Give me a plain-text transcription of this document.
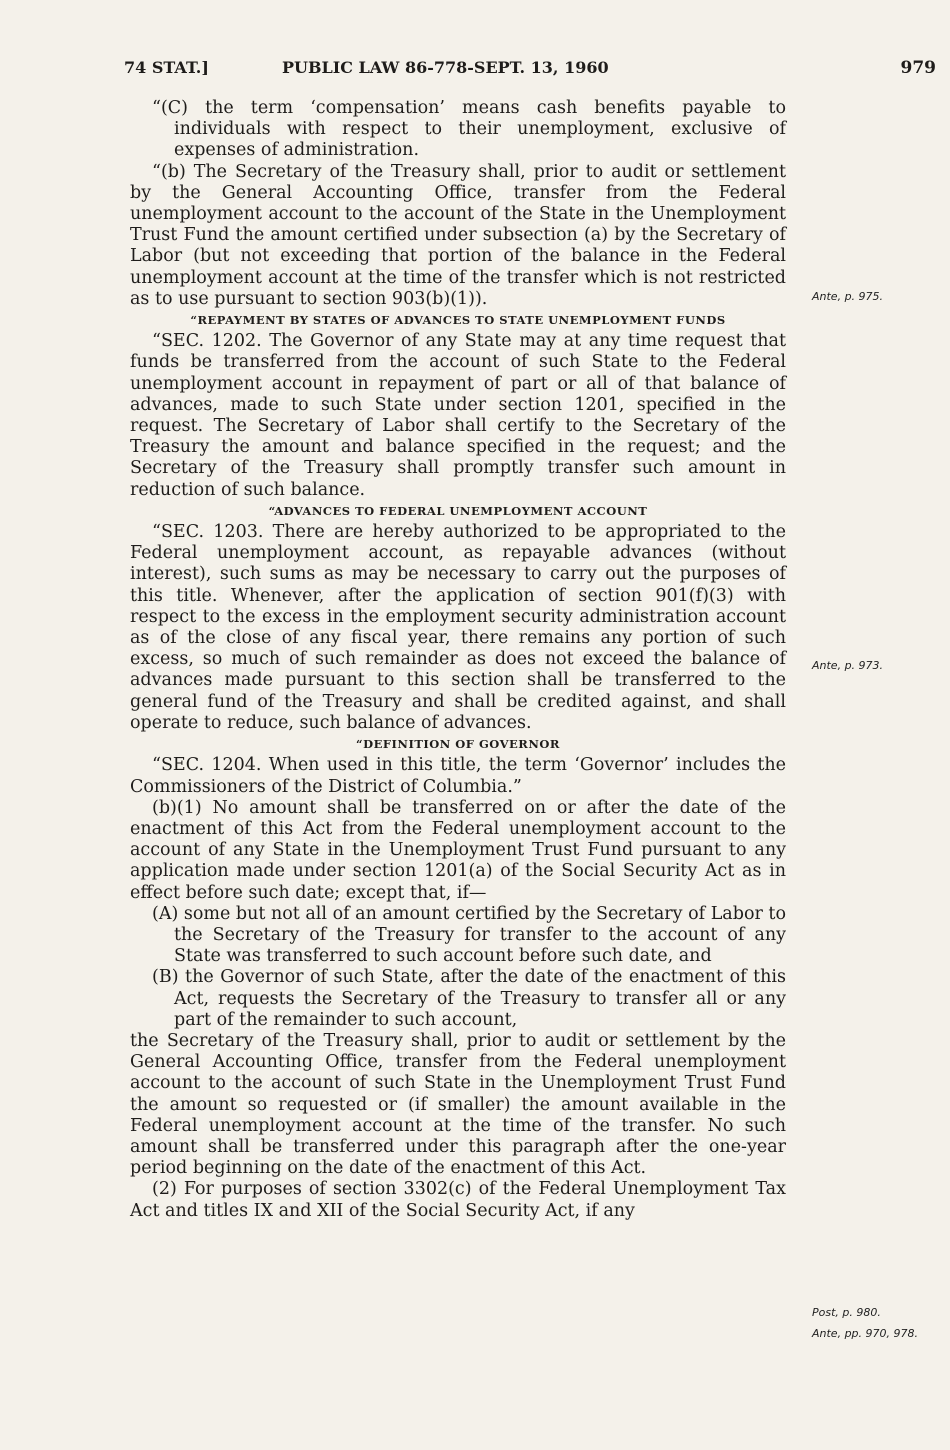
74 STAT.]	PUBLIC LAW 86-778-SEPT. 13, 1960	979

“(C) the term ‘compensation’ means cash benefits payable to individuals with respect to their unemployment, exclusive of expenses of administration.

“(b) The Secretary of the Treasury shall, prior to audit or settlement by the General Accounting Office, transfer from the Federal unemployment account to the account of the State in the Unemployment Trust Fund the amount certified under subsection (a) by the Secretary of Labor (but not exceeding that portion of the balance in the Federal unemployment account at the time of the transfer which is not restricted as to use pursuant to section 903(b)(1)).

“REPAYMENT BY STATES OF ADVANCES TO STATE UNEMPLOYMENT FUNDS

“SEC. 1202. The Governor of any State may at any time request that funds be transferred from the account of such State to the Federal unemployment account in repayment of part or all of that balance of advances, made to such State under section 1201, specified in the request. The Secretary of Labor shall certify to the Secretary of the Treasury the amount and balance specified in the request; and the Secretary of the Treasury shall promptly transfer such amount in reduction of such balance.

“ADVANCES TO FEDERAL UNEMPLOYMENT ACCOUNT

“SEC. 1203. There are hereby authorized to be appropriated to the Federal unemployment account, as repayable advances (without interest), such sums as may be necessary to carry out the purposes of this title. Whenever, after the application of section 901(f)(3) with respect to the excess in the employment security administration account as of the close of any fiscal year, there remains any portion of such excess, so much of such remainder as does not exceed the balance of advances made pursuant to this section shall be transferred to the general fund of the Treasury and shall be credited against, and shall operate to reduce, such balance of advances.

“DEFINITION OF GOVERNOR

“SEC. 1204. When used in this title, the term ‘Governor’ includes the Commissioners of the District of Columbia.”

(b)(1) No amount shall be transferred on or after the date of the enactment of this Act from the Federal unemployment account to the account of any State in the Unemployment Trust Fund pursuant to any application made under section 1201(a) of the Social Security Act as in effect before such date; except that, if—

(A) some but not all of an amount certified by the Secretary of Labor to the Secretary of the Treasury for transfer to the account of any State was transferred to such account before such date, and

(B) the Governor of such State, after the date of the enactment of this Act, requests the Secretary of the Treasury to transfer all or any part of the remainder to such account,

the Secretary of the Treasury shall, prior to audit or settlement by the General Accounting Office, transfer from the Federal unemployment account to the account of such State in the Unemployment Trust Fund the amount so requested or (if smaller) the amount available in the Federal unemployment account at the time of the transfer. No such amount shall be transferred under this paragraph after the one-year period beginning on the date of the enactment of this Act.

(2) For purposes of section 3302(c) of the Federal Unemployment Tax Act and titles IX and XII of the Social Security Act, if any

Ante, p. 975.
Ante, p. 973.
Post, p. 980.
Ante, pp. 970, 978.
